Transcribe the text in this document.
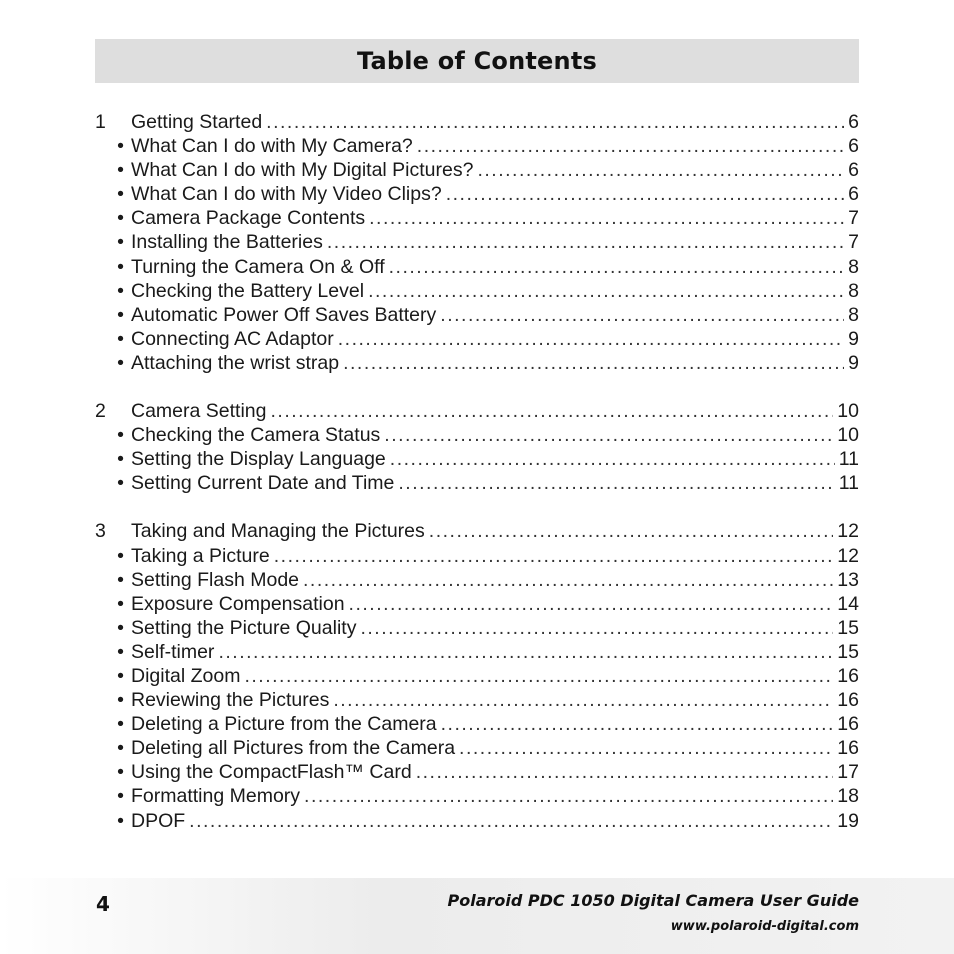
Table of Contents
1	Getting Started .....	6
• What Can I do with My Camera? .....	6
• What Can I do with My Digital Pictures? .....	6
• What Can I do with My Video Clips? .....	6
• Camera Package Contents .....	7
• Installing the Batteries .....	7
• Turning the Camera On & Off .....	8
• Checking the Battery Level .....	8
• Automatic Power Off Saves Battery .....	8
• Connecting AC Adaptor .....	9
• Attaching the wrist strap .....	9
2	Camera Setting .....	10
• Checking the Camera Status .....	10
• Setting the Display Language .....	11
• Setting Current Date and Time .....	11
3	Taking and Managing the Pictures .....	12
• Taking a Picture .....	12
• Setting Flash Mode .....	13
• Exposure Compensation .....	14
• Setting the Picture Quality .....	15
• Self-timer .....	15
• Digital Zoom .....	16
• Reviewing the Pictures .....	16
• Deleting a Picture from the Camera .....	16
• Deleting all Pictures from the Camera .....	16
• Using the CompactFlash™ Card .....	17
• Formatting Memory .....	18
• DPOF .....	19
4	Polaroid PDC 1050 Digital Camera User Guide
www.polaroid-digital.com
